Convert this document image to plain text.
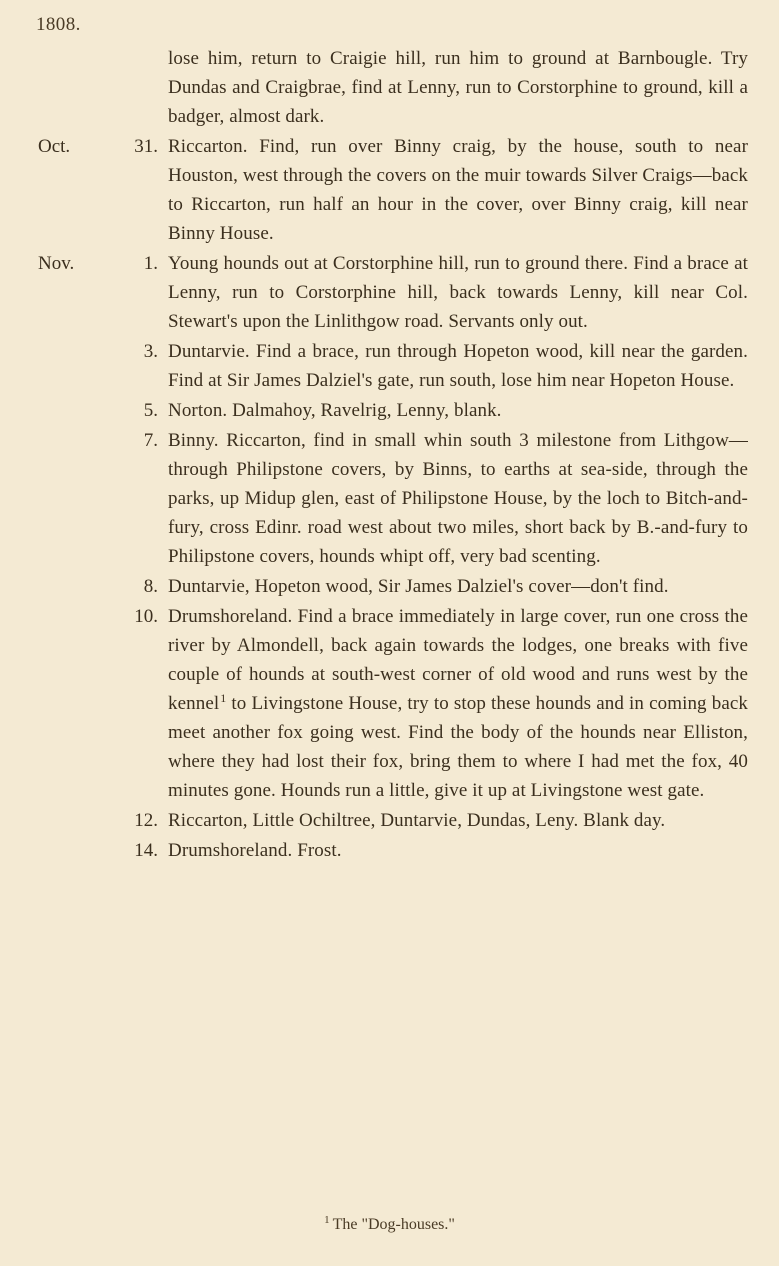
1808.
lose him, return to Craigie hill, run him to ground at Barnbougle. Try Dundas and Craigbrae, find at Lenny, run to Corstorphine to ground, kill a badger, almost dark.
Oct.	31. Riccarton. Find, run over Binny craig, by the house, south to near Houston, west through the covers on the muir towards Silver Craigs—back to Riccarton, run half an hour in the cover, over Binny craig, kill near Binny House.
Nov.	1. Young hounds out at Corstorphine hill, run to ground there. Find a brace at Lenny, run to Corstorphine hill, back towards Lenny, kill near Col. Stewart's upon the Linlithgow road. Servants only out.
3. Duntarvie. Find a brace, run through Hopeton wood, kill near the garden. Find at Sir James Dalziel's gate, run south, lose him near Hopeton House.
5. Norton. Dalmahoy, Ravelrig, Lenny, blank.
7. Binny. Riccarton, find in small whin south 3 milestone from Lithgow—through Philipstone covers, by Binns, to earths at sea-side, through the parks, up Midup glen, east of Philipstone House, by the loch to Bitch-and-fury, cross Edinr. road west about two miles, short back by B.-and-fury to Philipstone covers, hounds whipt off, very bad scenting.
8. Duntarvie, Hopeton wood, Sir James Dalziel's cover—don't find.
10. Drumshoreland. Find a brace immediately in large cover, run one cross the river by Almondell, back again towards the lodges, one breaks with five couple of hounds at south-west corner of old wood and runs west by the kennel$^1$ to Livingstone House, try to stop these hounds and in coming back meet another fox going west. Find the body of the hounds near Elliston, where they had lost their fox, bring them to where I had met the fox, 40 minutes gone. Hounds run a little, give it up at Livingstone west gate.
12. Riccarton, Little Ochiltree, Duntarvie, Dundas, Leny. Blank day.
14. Drumshoreland. Frost.
$^1$ The "Dog-houses."
